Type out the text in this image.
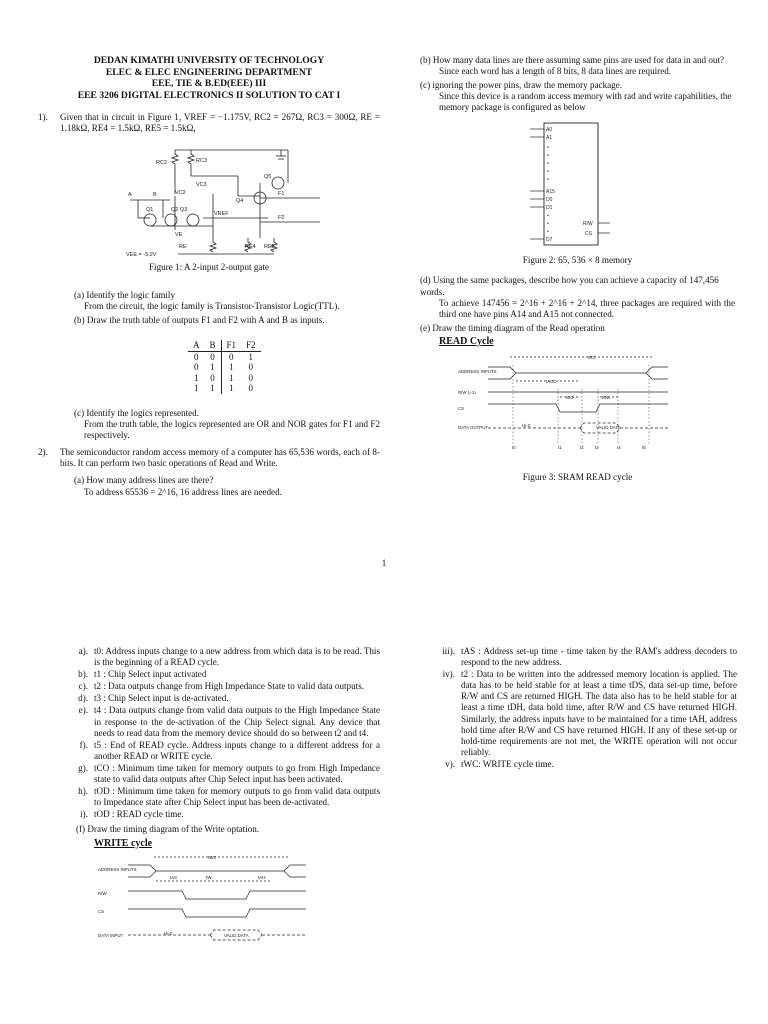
DEDAN KIMATHI UNIVERSITY OF TECHNOLOGY
ELEC & ELEC ENGINEERING DEPARTMENT
EEE, TIE & B.ED(EEE) III
EEE 3206 DIGITAL ELECTRONICS II SOLUTION TO CAT I
1).	Given that in circuit in Figure 1, VREF = −1.175V, RC2 = 267Ω, RC3 = 300Ω, RE = 1.18kΩ, RE4 = 1.5kΩ, RE5 = 1.5kΩ,
RC2	RC3
A	B
VC3
VC2
Q5
Q4
F1
F2
Q1	Q2 Q3
VREF
VE
RE	RE4 RE5
VEE = -5.2V
Figure 1: A 2-input 2-output gate
(a) Identify the logic family
From the circuit, the logic family is Transistor-Transistor Logic(TTL).
(b) Draw the truth table of outputs F1 and F2 with A and B as inputs.
A	B	F1	F2
0	0	0	1
0	1	1	0
1	0	1	0
1	1	1	0
(c) Identify the logics represented.
From the truth table, the logics represented are OR and NOR gates for F1 and F2 respectively.
2).	The semiconductor random access memory of a computer has 65,536 words, each of 8-bits. It can perform two basic operations of Read and Write.
(a) How many address lines are there?
To address 65536 = 2^16, 16 address lines are needed.
(b) How many data lines are there assuming same pins are used for data in and out?
Since each word has a length of 8 bits, 8 data lines are required.
(c) ignoring the power pins, draw the memory package.
Since this device is a random access memory with rad and write capabilities, the memory package is configured as below
A0
A1
•
•
•
•
•
A15
D0
D1
•
•
•
D7
R/W
CS
Figure 2: 65, 536 × 8 memory
(d) Using the same packages, describe how you can achieve a capacity of 147,456 words.
To achieve 147456 = 2^16 + 2^16 + 2^14, three packages are required with the third one have pins A14 and A15 not connected.
(e) Draw the timing diagram of the Read operation
READ Cycle
ADDRESS INPUTS
R/W (=1)
CS
DATA OUTPUT	Hi-Z	VALID DATA
tRC
tACC
tCO	tOD
t0	t1	t2	t3	t4	t5
Figure 3: SRAM READ cycle
1
a). t0: Address inputs change to a new address from which data is to be read. This is the beginning of a READ cycle.
b). t1 : Chip Select input activated
c). t2 : Data outputs change from High Impedance State to valid data outputs.
d). t3 : Chip Select input is de-activated.
e). t4 : Data outputs change from valid data outputs to the High Impedance State in response to the de-activation of the Chip Select signal. Any device that needs to read data from the memory device should do so between t2 and t4.
f). t5 : End of READ cycle. Address inputs change to a different address for a another READ or WRITE cycle.
g). tCO : Minimum time taken for memory outputs to go from High Impedance state to valid data outputs after Chip Select input has been activated.
h). tOD : Minimum time taken for memory outputs to go from valid data outputs to Impedance state after Chip Select input has been de-activated.
i). tOD : READ cycle time.
(f) Draw the timing diagram of the Write optation.
WRITE cycle
ADDRESS INPUTS
R/W
CS
DATA INPUT	Hi-Z	VALID DATA
tWC
tAS	tW	tAH
iii). tAS : Address set-up time - time taken by the RAM's address decoders to respond to the new address.
iv). t2 : Data to be written into the addressed memory location is applied. The data has to be held stable for at least a time tDS, data set-up time, before R/W and CS are returned HIGH. The data also has to be held stable for at least a time tDH, data hold time, after R/W and CS have returned HIGH. Similarly, the address inputs have to be maintained for a time tAH, address hold time after R/W and CS have returned HIGH. If any of these set-up or hold-time requirements are not met, the WRITE operation will not occur reliably.
v). tWC: WRITE cycle time.
